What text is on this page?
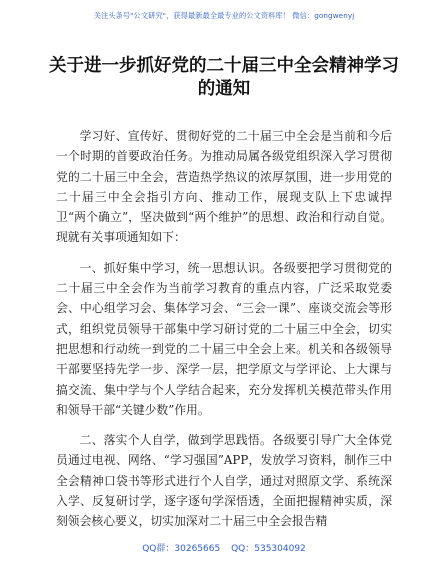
关注头条号"公文研究"，获得最新最全最专业的公文资料库！ 微信：gongwenyj
关于进一步抓好党的二十届三中全会精神学习
的通知

学习好、宣传好、贯彻好党的二十届三中全会是当前和今后一个时期的首要政治任务。为推动局属各级党组织深入学习贯彻党的二十届三中全会，营造热学热议的浓厚氛围，进一步用党的二十届三中全会指引方向、推动工作，展现支队上下忠诚捍卫“两个确立”，坚决做到“两个维护”的思想、政治和行动自觉。现就有关事项通知如下：

一、抓好集中学习，统一思想认识。各级要把学习贯彻党的二十届三中全会作为当前学习教育的重点内容，广泛采取党委会、中心组学习会、集体学习会、“三会一课”、座谈交流会等形式，组织党员领导干部集中学习研讨党的二十届三中全会，切实把思想和行动统一到党的二十届三中全会上来。机关和各级领导干部要坚持先学一步、深学一层，把学原文与学评论、上大课与搞交流、集中学与个人学结合起来，充分发挥机关模范带头作用和领导干部“关键少数”作用。

二、落实个人自学，做到学思践悟。各级要引导广大全体党员通过电视、网络、“学习强国”APP，发放学习资料，制作三中全会精神口袋书等形式进行个人自学，通过对照原文学、系统深入学、反复研讨学，逐字逐句学深悟透，全面把握精神实质，深刻领会核心要义，切实加深对二十届三中全会报告精

QQ群：30265665 QQ：535304092
